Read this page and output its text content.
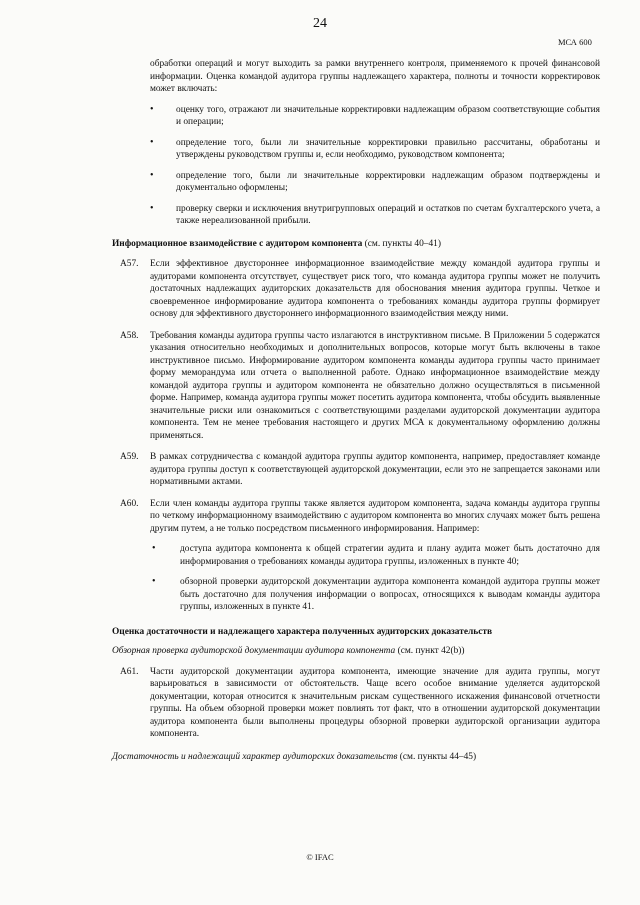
24
МСА 600

обработки операций и могут выходить за рамки внутреннего контроля, применяемого к прочей финансовой информации. Оценка командой аудитора группы надлежащего характера, полноты и точности корректировок может включать:

• оценку того, отражают ли значительные корректировки надлежащим образом соответствующие события и операции;
• определение того, были ли значительные корректировки правильно рассчитаны, обработаны и утверждены руководством группы и, если необходимо, руководством компонента;
• определение того, были ли значительные корректировки надлежащим образом подтверждены и документально оформлены;
• проверку сверки и исключения внутригрупповых операций и остатков по счетам бухгалтерского учета, а также нереализованной прибыли.
Информационное взаимодействие с аудитором компонента (см. пункты 40–41)
A57. Если эффективное двустороннее информационное взаимодействие между командой аудитора группы и аудиторами компонента отсутствует, существует риск того, что команда аудитора группы может не получить достаточных надлежащих аудиторских доказательств для обоснования мнения аудитора группы. Четкое и своевременное информирование аудитора компонента о требованиях команды аудитора группы формирует основу для эффективного двустороннего информационного взаимодействия между ними.
A58. Требования команды аудитора группы часто излагаются в инструктивном письме. В Приложении 5 содержатся указания относительно необходимых и дополнительных вопросов, которые могут быть включены в такое инструктивное письмо. Информирование аудитором компонента команды аудитора группы часто принимает форму меморандума или отчета о выполненной работе. Однако информационное взаимодействие между командой аудитора группы и аудитором компонента не обязательно должно осуществляться в письменной форме. Например, команда аудитора группы может посетить аудитора компонента, чтобы обсудить выявленные значительные риски или ознакомиться с соответствующими разделами аудиторской документации аудитора компонента. Тем не менее требования настоящего и других МСА к документальному оформлению должны применяться.
A59. В рамках сотрудничества с командой аудитора группы аудитор компонента, например, предоставляет команде аудитора группы доступ к соответствующей аудиторской документации, если это не запрещается законами или нормативными актами.
A60. Если член команды аудитора группы также является аудитором компонента, задача команды аудитора группы по четкому информационному взаимодействию с аудитором компонента во многих случаях может быть решена другим путем, а не только посредством письменного информирования. Например:
•	доступа аудитора компонента к общей стратегии аудита и плану аудита может быть достаточно для информирования о требованиях команды аудитора группы, изложенных в пункте 40;
•	обзорной проверки аудиторской документации аудитора компонента командой аудитора группы может быть достаточно для получения информации о вопросах, относящихся к выводам команды аудитора группы, изложенных в пункте 41.
Оценка достаточности и надлежащего характера полученных аудиторских доказательств

Обзорная проверка аудиторской документации аудитора компонента (см. пункт 42(b))

A61. Части аудиторской документации аудитора компонента, имеющие значение для аудита группы, могут варьироваться в зависимости от обстоятельств. Чаще всего особое внимание уделяется аудиторской документации, которая относится к значительным рискам существенного искажения финансовой отчетности группы. На объем обзорной проверки может повлиять тот факт, что в отношении аудиторской документации аудитора компонента были выполнены процедуры обзорной проверки аудиторской организации аудитора компонента.

Достаточность и надлежащий характер аудиторских доказательств (см. пункты 44–45)

© IFAC
